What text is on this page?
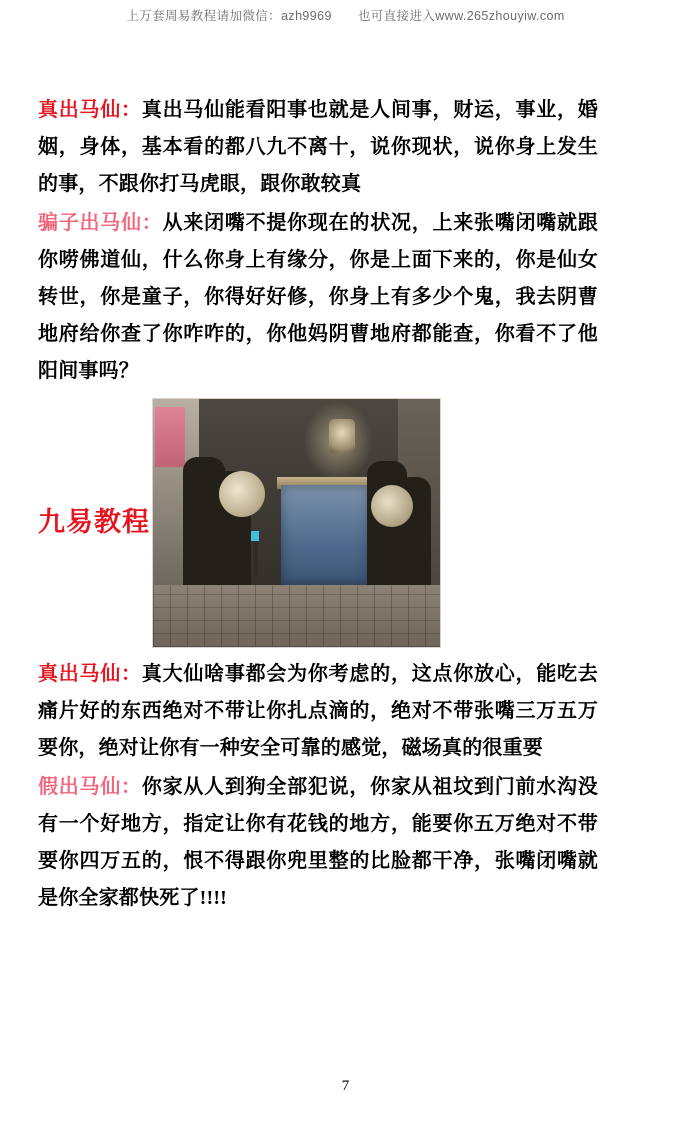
上万套周易教程请加微信：azh9969 也可直接进入www.265zhouyiw.com

真出马仙：真出马仙能看阳事也就是人间事，财运，事业，婚姻，身体，基本看的都八九不离十，说你现状，说你身上发生的事，不跟你打马虎眼，跟你敢较真

骗子出马仙：从来闭嘴不提你现在的状况，上来张嘴闭嘴就跟你唠佛道仙，什么你身上有缘分，你是上面下来的，你是仙女转世，你是童子，你得好好修，你身上有多少个鬼，我去阴曹地府给你查了你咋咋的，你他妈阴曹地府都能查，你看不了他阳间事吗？

九易教程

真出马仙：真大仙啥事都会为你考虑的，这点你放心，能吃去痛片好的东西绝对不带让你扎点滴的，绝对不带张嘴三万五万要你，绝对让你有一种安全可靠的感觉，磁场真的很重要

假出马仙：你家从人到狗全部犯说，你家从祖坟到门前水沟没有一个好地方，指定让你有花钱的地方，能要你五万绝对不带要你四万五的，恨不得跟你兜里整的比脸都干净，张嘴闭嘴就是你全家都快死了!!!!

7
